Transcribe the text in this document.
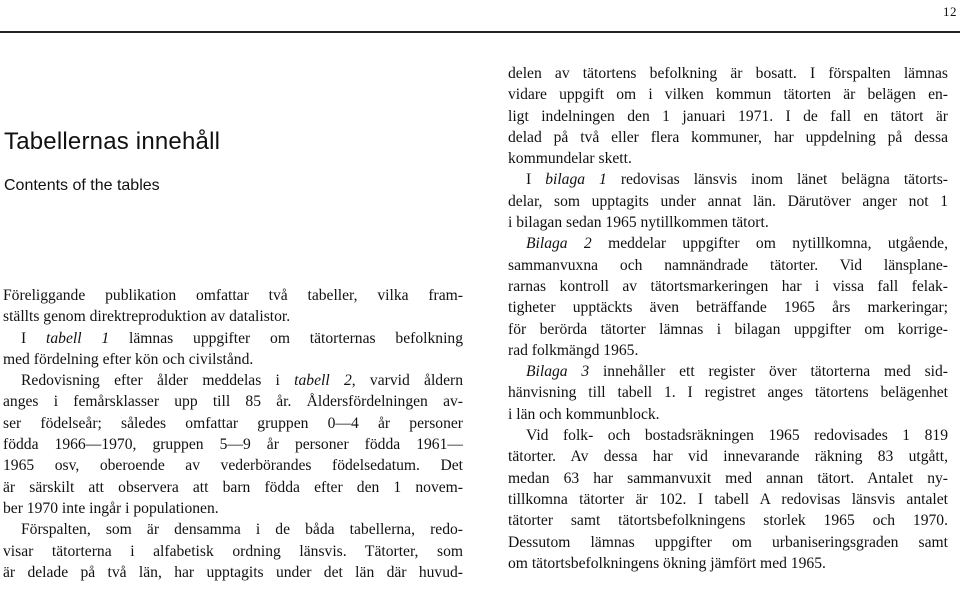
12
Tabellernas innehåll
Contents of the tables
Föreliggande publikation omfattar två tabeller, vilka fram-
ställts genom direktreproduktion av datalistor.
I tabell 1 lämnas uppgifter om tätorternas befolkning
med fördelning efter kön och civilstånd.
Redovisning efter ålder meddelas i tabell 2, varvid åldern
anges i femårsklasser upp till 85 år. Åldersfördelningen av-
ser födelseår; således omfattar gruppen 0—4 år personer
födda 1966—1970, gruppen 5—9 år personer födda 1961—
1965 osv, oberoende av vederbörandes födelsedatum. Det
är särskilt att observera att barn födda efter den 1 novem-
ber 1970 inte ingår i populationen.
Förspalten, som är densamma i de båda tabellerna, redo-
visar tätorterna i alfabetisk ordning länsvis. Tätorter, som
är delade på två län, har upptagits under det län där huvud-
delen av tätortens befolkning är bosatt. I förspalten lämnas
vidare uppgift om i vilken kommun tätorten är belägen en-
ligt indelningen den 1 januari 1971. I de fall en tätort är
delad på två eller flera kommuner, har uppdelning på dessa
kommundelar skett.
I bilaga 1 redovisas länsvis inom länet belägna tätorts-
delar, som upptagits under annat län. Därutöver anger not 1
i bilagan sedan 1965 nytillkommen tätort.
Bilaga 2 meddelar uppgifter om nytillkomna, utgående,
sammanvuxna och namnändrade tätorter. Vid länsplane-
rarnas kontroll av tätortsmarkeringen har i vissa fall felak-
tigheter upptäckts även beträffande 1965 års markeringar;
för berörda tätorter lämnas i bilagan uppgifter om korrige-
rad folkmängd 1965.
Bilaga 3 innehåller ett register över tätorterna med sid-
hänvisning till tabell 1. I registret anges tätortens belägenhet
i län och kommunblock.
Vid folk- och bostadsräkningen 1965 redovisades 1 819
tätorter. Av dessa har vid innevarande räkning 83 utgått,
medan 63 har sammanvuxit med annan tätort. Antalet ny-
tillkomna tätorter är 102. I tabell A redovisas länsvis antalet
tätorter samt tätortsbefolkningens storlek 1965 och 1970.
Dessutom lämnas uppgifter om urbaniseringsgraden samt
om tätortsbefolkningens ökning jämfört med 1965.
